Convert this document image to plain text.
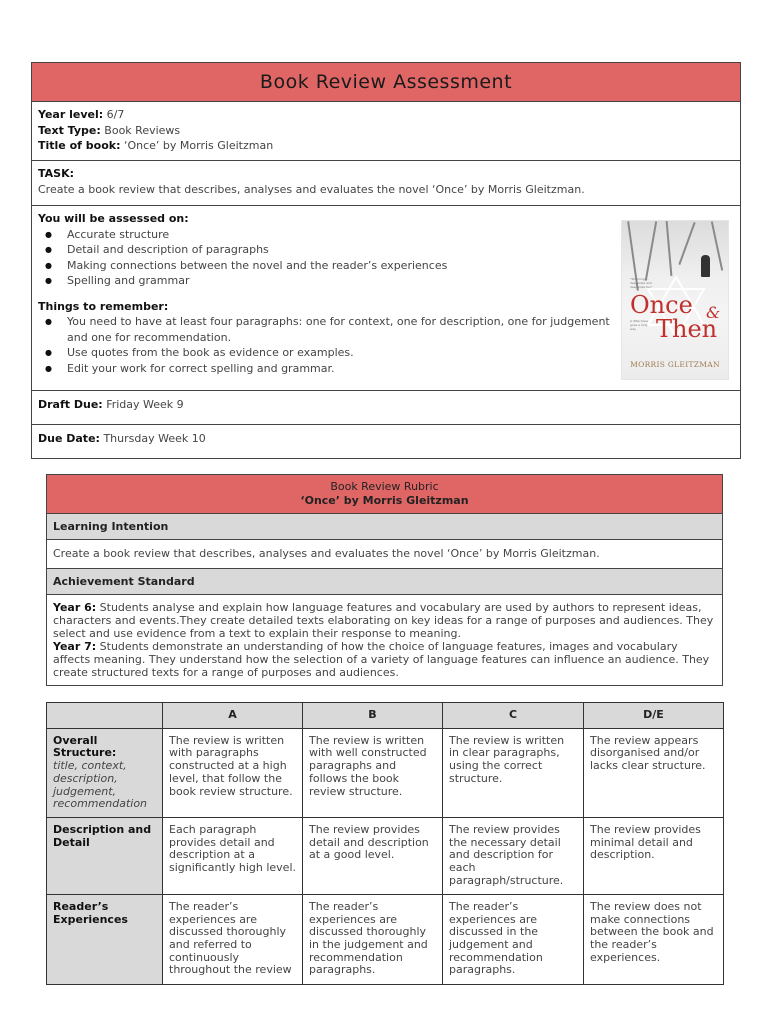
Book Review Assessment
Year level: 6/7
Text Type: Book Reviews
Title of book: ‘Once’ by Morris Gleitzman
TASK:
Create a book review that describes, analyses and evaluates the novel ‘Once’ by Morris Gleitzman.
You will be assessed on:
● Accurate structure
● Detail and description of paragraphs
● Making connections between the novel and the reader’s experiences
● Spelling and grammar
Things to remember:
● You need to have at least four paragraphs: one for context, one for description, one for judgement and one for recommendation.
● Use quotes from the book as evidence or examples.
● Edit your work for correct spelling and grammar.
"Stunning ... desperate and desperate fun"
A little hope goes a long way
Once &
Then
MORRIS GLEITZMAN
Draft Due: Friday Week 9
Due Date: Thursday Week 10
Book Review Rubric
‘Once’ by Morris Gleitzman
Learning Intention
Create a book review that describes, analyses and evaluates the novel ‘Once’ by Morris Gleitzman.
Achievement Standard
Year 6: Students analyse and explain how language features and vocabulary are used by authors to represent ideas, characters and events.They create detailed texts elaborating on key ideas for a range of purposes and audiences. They select and use evidence from a text to explain their response to meaning.
Year 7: Students demonstrate an understanding of how the choice of language features, images and vocabulary affects meaning. They understand how the selection of a variety of language features can influence an audience. They create structured texts for a range of purposes and audiences.
	A	B	C	D/E
Overall Structure:
title, context, description, judgement, recommendation	The review is written with paragraphs constructed at a high level, that follow the book review structure.	The review is written with well constructed paragraphs and follows the book review structure.	The review is written in clear paragraphs, using the correct structure.	The review appears disorganised and/or lacks clear structure.
Description and Detail	Each paragraph provides detail and description at a significantly high level.	The review provides detail and description at a good level.	The review provides the necessary detail and description for each paragraph/structure.	The review provides minimal detail and description.
Reader’s Experiences	The reader’s experiences are discussed thoroughly and referred to continuously throughout the review	The reader’s experiences are discussed thoroughly in the judgement and recommendation paragraphs.	The reader’s experiences are discussed in the judgement and recommendation paragraphs.	The review does not make connections between the book and the reader’s experiences.
